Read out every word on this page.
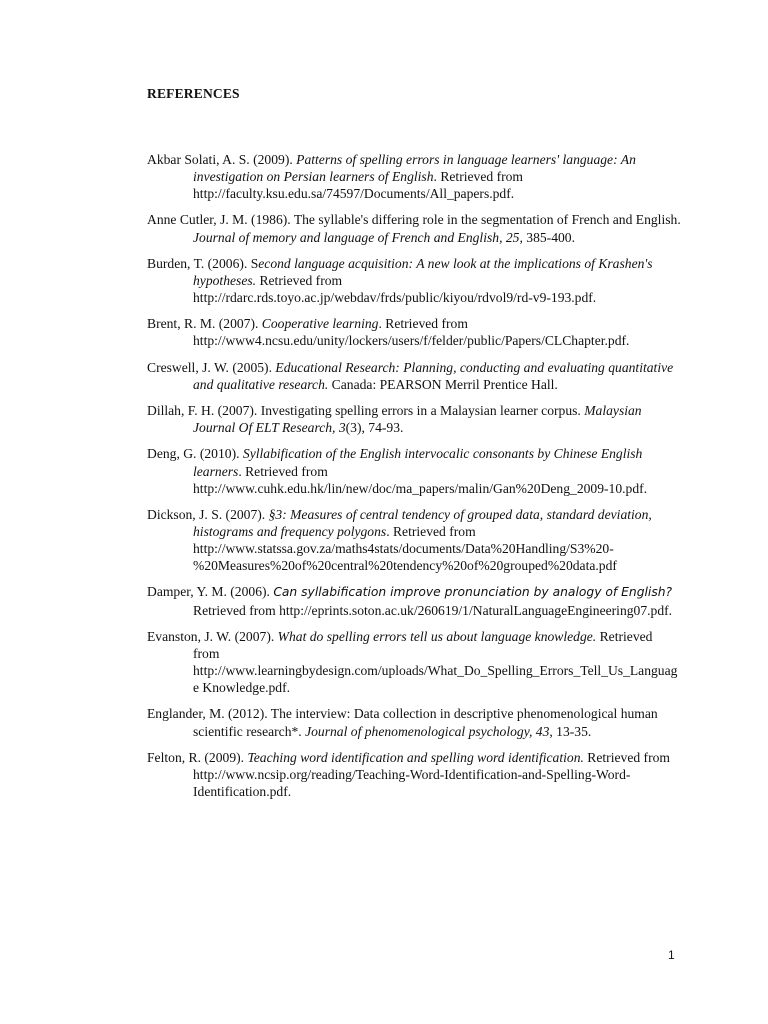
REFERENCES

Akbar Solati, A. S. (2009). Patterns of spelling errors in language learners' language: An investigation on Persian learners of English. Retrieved from http://faculty.ksu.edu.sa/74597/Documents/All_papers.pdf.

Anne Cutler, J. M. (1986). The syllable's differing role in the segmentation of French and English. Journal of memory and language of French and English, 25, 385-400.

Burden, T. (2006). Second language acquisition: A new look at the implications of Krashen's hypotheses. Retrieved from http://rdarc.rds.toyo.ac.jp/webdav/frds/public/kiyou/rdvol9/rd-v9-193.pdf.

Brent, R. M. (2007). Cooperative learning. Retrieved from http://www4.ncsu.edu/unity/lockers/users/f/felder/public/Papers/CLChapter.pdf.

Creswell, J. W. (2005). Educational Research: Planning, conducting and evaluating quantitative and qualitative research. Canada: PEARSON Merril Prentice Hall.

Dillah, F. H. (2007). Investigating spelling errors in a Malaysian learner corpus. Malaysian Journal Of ELT Research, 3(3), 74-93.

Deng, G. (2010). Syllabification of the English intervocalic consonants by Chinese English learners. Retrieved from http://www.cuhk.edu.hk/lin/new/doc/ma_papers/malin/Gan%20Deng_2009-10.pdf.

Dickson, J. S. (2007). §3: Measures of central tendency of grouped data, standard deviation, histograms and frequency polygons. Retrieved from http://www.statssa.gov.za/maths4stats/documents/Data%20Handling/S3%20-%20Measures%20of%20central%20tendency%20of%20grouped%20data.pdf

Damper, Y. M. (2006). Can syllabification improve pronunciation by analogy of English? Retrieved from http://eprints.soton.ac.uk/260619/1/NaturalLanguageEngineering07.pdf.

Evanston, J. W. (2007). What do spelling errors tell us about language knowledge. Retrieved from http://www.learningbydesign.com/uploads/What_Do_Spelling_Errors_Tell_Us_Language Knowledge.pdf.

Englander, M. (2012). The interview: Data collection in descriptive phenomenological human scientific research*. Journal of phenomenological psychology, 43, 13-35.

Felton, R. (2009). Teaching word identification and spelling word identification. Retrieved from http://www.ncsip.org/reading/Teaching-Word-Identification-and-Spelling-Word-Identification.pdf.

1
